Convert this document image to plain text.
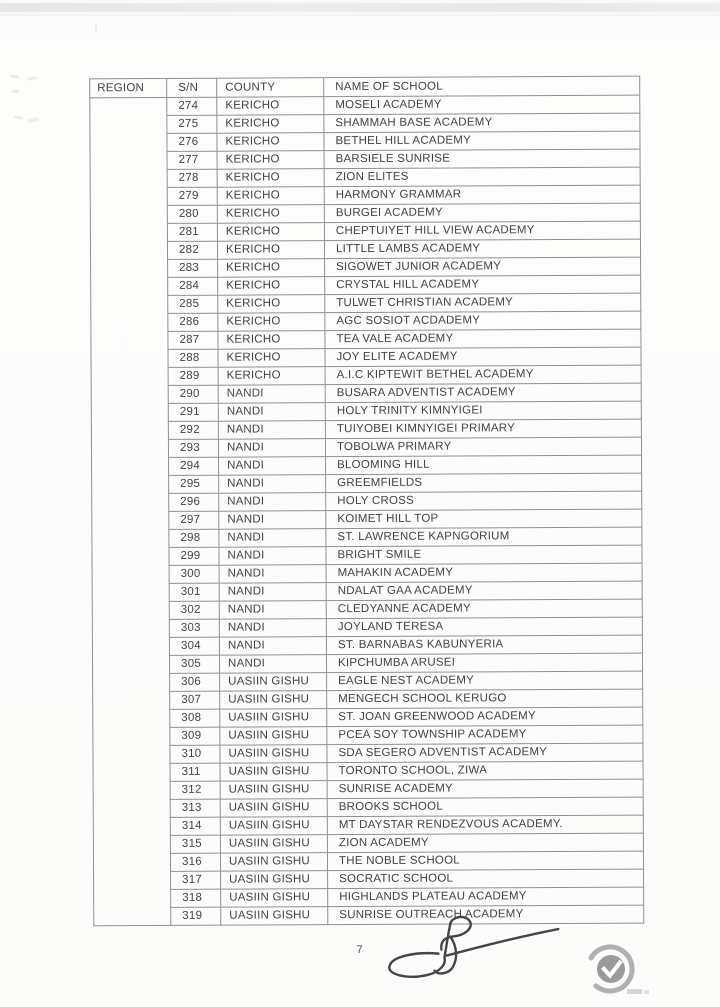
REGION	S/N	COUNTY	NAME OF SCHOOL
	274	KERICHO	MOSELI ACADEMY
	275	KERICHO	SHAMMAH BASE ACADEMY
	276	KERICHO	BETHEL HILL ACADEMY
	277	KERICHO	BARSIELE SUNRISE
	278	KERICHO	ZION ELITES
	279	KERICHO	HARMONY GRAMMAR
	280	KERICHO	BURGEI ACADEMY
	281	KERICHO	CHEPTUIYET HILL VIEW ACADEMY
	282	KERICHO	LITTLE LAMBS ACADEMY
	283	KERICHO	SIGOWET JUNIOR ACADEMY
	284	KERICHO	CRYSTAL HILL ACADEMY
	285	KERICHO	TULWET CHRISTIAN ACADEMY
	286	KERICHO	AGC SOSIOT ACDADEMY
	287	KERICHO	TEA VALE ACADEMY
	288	KERICHO	JOY ELITE ACADEMY
	289	KERICHO	A.I.C KIPTEWIT BETHEL ACADEMY
	290	NANDI	BUSARA ADVENTIST ACADEMY
	291	NANDI	HOLY TRINITY KIMNYIGEI
	292	NANDI	TUIYOBEI KIMNYIGEI PRIMARY
	293	NANDI	TOBOLWA PRIMARY
	294	NANDI	BLOOMING HILL
	295	NANDI	GREEMFIELDS
	296	NANDI	HOLY CROSS
	297	NANDI	KOIMET HILL TOP
	298	NANDI	ST. LAWRENCE KAPNGORIUM
	299	NANDI	BRIGHT SMILE
	300	NANDI	MAHAKIN ACADEMY
	301	NANDI	NDALAT GAA ACADEMY
	302	NANDI	CLEDYANNE ACADEMY
	303	NANDI	JOYLAND TERESA
	304	NANDI	ST. BARNABAS KABUNYERIA
	305	NANDI	KIPCHUMBA ARUSEI
	306	UASIIN GISHU	EAGLE NEST ACADEMY
	307	UASIIN GISHU	MENGECH SCHOOL KERUGO
	308	UASIIN GISHU	ST. JOAN GREENWOOD ACADEMY
	309	UASIIN GISHU	PCEA SOY TOWNSHIP ACADEMY
	310	UASIIN GISHU	SDA SEGERO ADVENTIST ACADEMY
	311	UASIIN GISHU	TORONTO SCHOOL, ZIWA
	312	UASIIN GISHU	SUNRISE ACADEMY
	313	UASIIN GISHU	BROOKS SCHOOL
	314	UASIIN GISHU	MT DAYSTAR RENDEZVOUS ACADEMY.
	315	UASIIN GISHU	ZION ACADEMY
	316	UASIIN GISHU	THE NOBLE SCHOOL
	317	UASIIN GISHU	SOCRATIC SCHOOL
	318	UASIIN GISHU	HIGHLANDS PLATEAU ACADEMY
	319	UASIIN GISHU	SUNRISE OUTREACH ACADEMY
7
